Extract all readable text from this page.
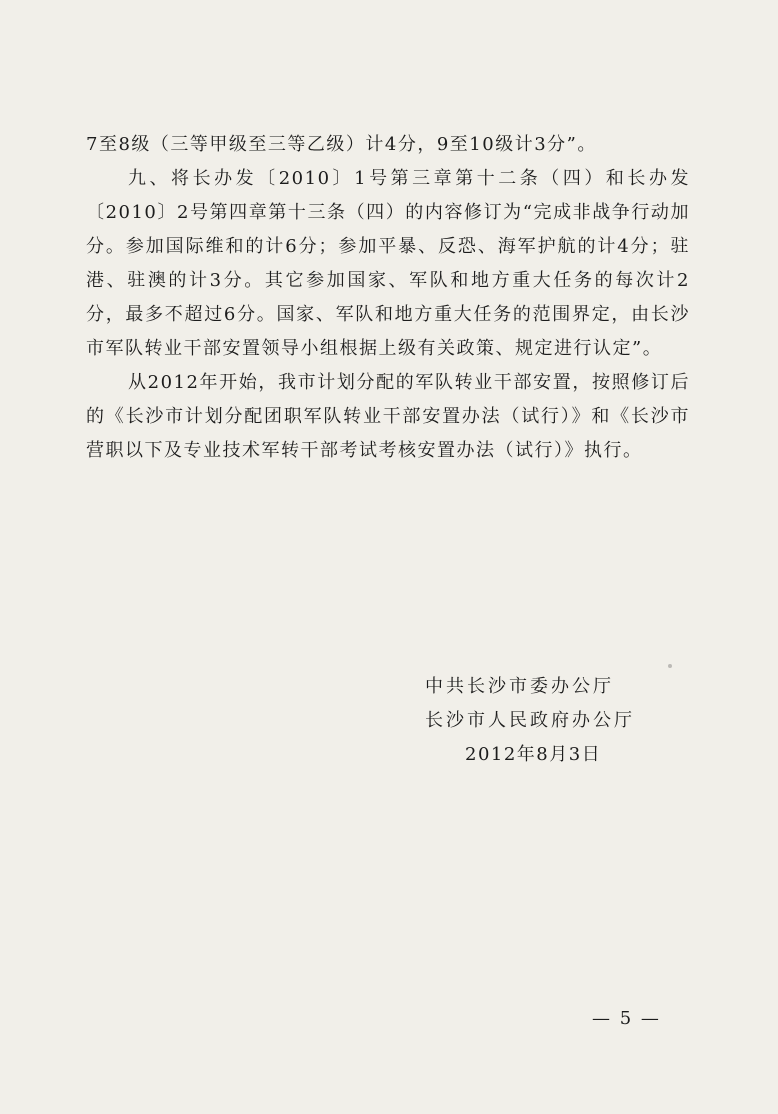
7至8级（三等甲级至三等乙级）计4分，9至10级计3分”。

九、将长办发〔2010〕1号第三章第十二条（四）和长办发〔2010〕2号第四章第十三条（四）的内容修订为“完成非战争行动加分。参加国际维和的计6分；参加平暴、反恐、海军护航的计4分；驻港、驻澳的计3分。其它参加国家、军队和地方重大任务的每次计2分，最多不超过6分。国家、军队和地方重大任务的范围界定，由长沙市军队转业干部安置领导小组根据上级有关政策、规定进行认定”。

从2012年开始，我市计划分配的军队转业干部安置，按照修订后的《长沙市计划分配团职军队转业干部安置办法（试行）》和《长沙市营职以下及专业技术军转干部考试考核安置办法（试行）》执行。

中共长沙市委办公厅
长沙市人民政府办公厅
2012年8月3日
— 5 —
